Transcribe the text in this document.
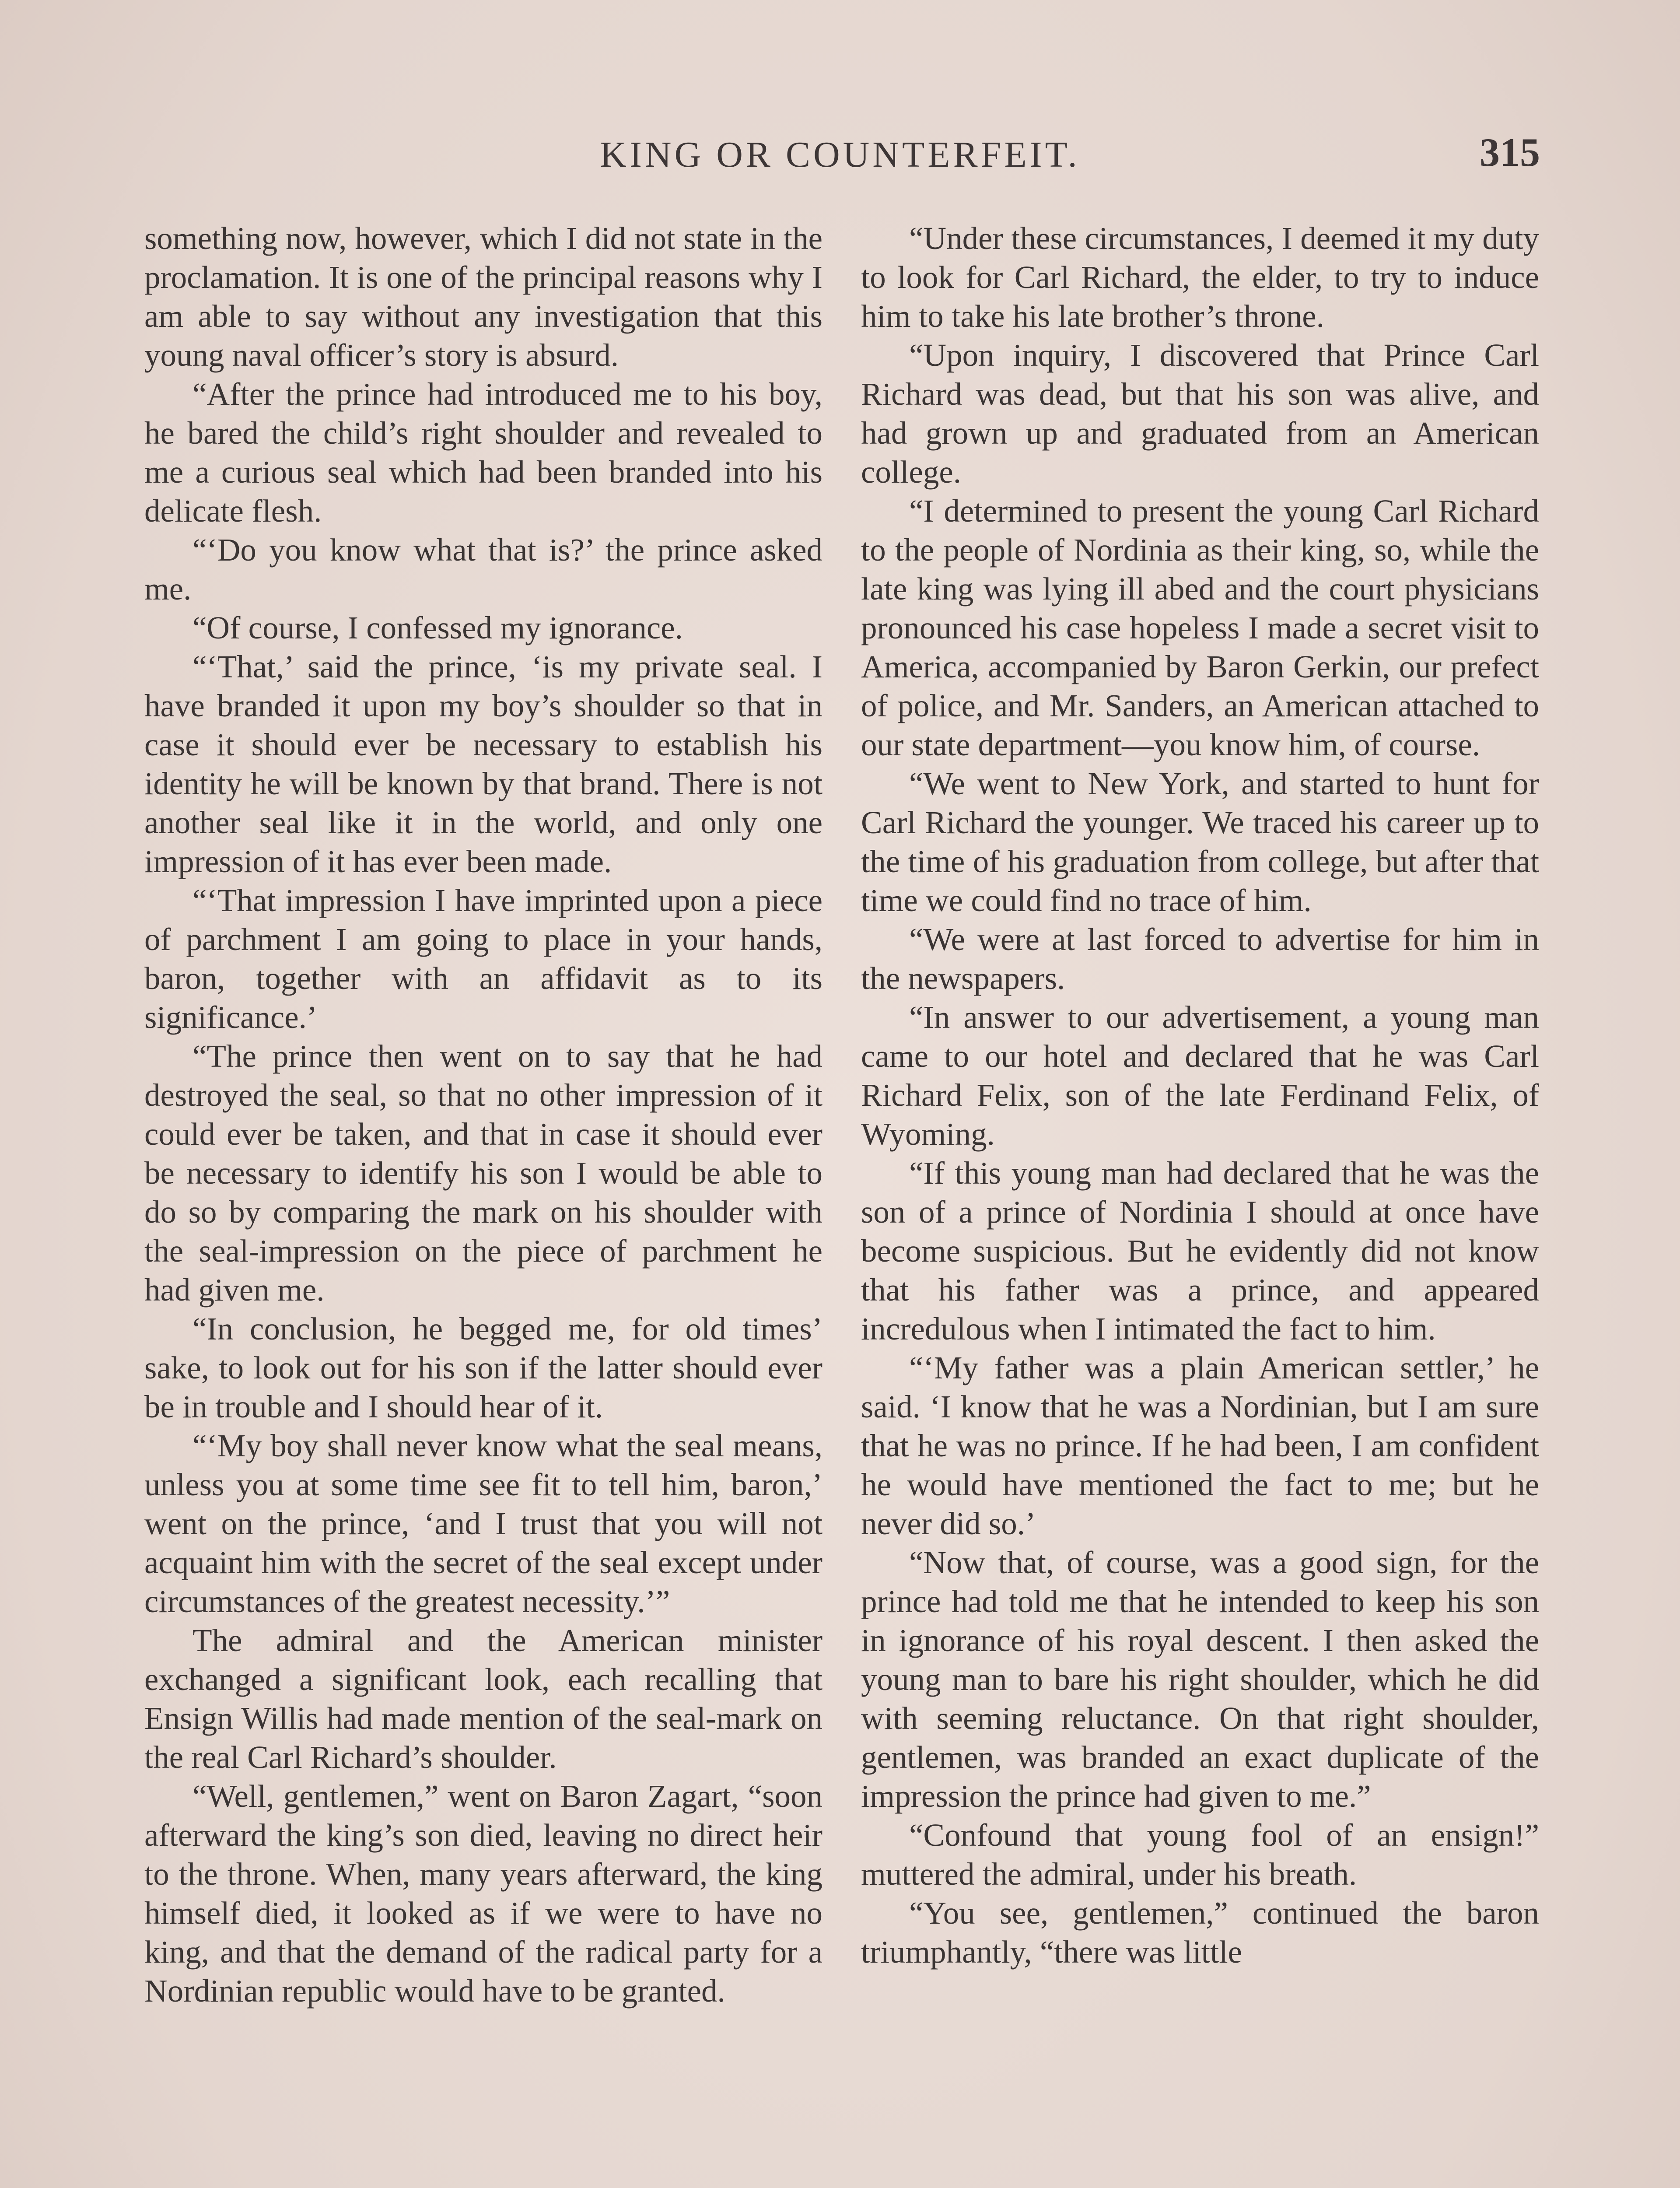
KING OR COUNTERFEIT.	315

something now, however, which I did not state in the proclamation. It is one of the principal reasons why I am able to say without any investigation that this young naval officer’s story is absurd.

“After the prince had introduced me to his boy, he bared the child’s right shoulder and revealed to me a curious seal which had been branded into his delicate flesh.

“‘Do you know what that is?’ the prince asked me.

“Of course, I confessed my ignorance.

“‘That,’ said the prince, ‘is my private seal. I have branded it upon my boy’s shoulder so that in case it should ever be necessary to establish his identity he will be known by that brand. There is not another seal like it in the world, and only one impression of it has ever been made.

“‘That impression I have imprinted upon a piece of parchment I am going to place in your hands, baron, together with an affidavit as to its significance.’

“The prince then went on to say that he had destroyed the seal, so that no other impression of it could ever be taken, and that in case it should ever be necessary to identify his son I would be able to do so by comparing the mark on his shoulder with the seal-impression on the piece of parchment he had given me.

“In conclusion, he begged me, for old times’ sake, to look out for his son if the latter should ever be in trouble and I should hear of it.

“‘My boy shall never know what the seal means, unless you at some time see fit to tell him, baron,’ went on the prince, ‘and I trust that you will not acquaint him with the secret of the seal except under circumstances of the greatest necessity.’”

The admiral and the American minister exchanged a significant look, each recalling that Ensign Willis had made mention of the seal-mark on the real Carl Richard’s shoulder.

“Well, gentlemen,” went on Baron Zagart, “soon afterward the king’s son died, leaving no direct heir to the throne. When, many years afterward, the king himself died, it looked as if we were to have no king, and that the demand of the radical party for a Nordinian republic would have to be granted.

“Under these circumstances, I deemed it my duty to look for Carl Richard, the elder, to try to induce him to take his late brother’s throne.

“Upon inquiry, I discovered that Prince Carl Richard was dead, but that his son was alive, and had grown up and graduated from an American college.

“I determined to present the young Carl Richard to the people of Nordinia as their king, so, while the late king was lying ill abed and the court physicians pronounced his case hopeless I made a secret visit to America, accompanied by Baron Gerkin, our prefect of police, and Mr. Sanders, an American attached to our state department—you know him, of course.

“We went to New York, and started to hunt for Carl Richard the younger. We traced his career up to the time of his graduation from college, but after that time we could find no trace of him.

“We were at last forced to advertise for him in the newspapers.

“In answer to our advertisement, a young man came to our hotel and declared that he was Carl Richard Felix, son of the late Ferdinand Felix, of Wyoming.

“If this young man had declared that he was the son of a prince of Nordinia I should at once have become suspicious. But he evidently did not know that his father was a prince, and appeared incredulous when I intimated the fact to him.

“‘My father was a plain American settler,’ he said. ‘I know that he was a Nordinian, but I am sure that he was no prince. If he had been, I am confident he would have mentioned the fact to me; but he never did so.’

“Now that, of course, was a good sign, for the prince had told me that he intended to keep his son in ignorance of his royal descent. I then asked the young man to bare his right shoulder, which he did with seeming reluctance. On that right shoulder, gentlemen, was branded an exact duplicate of the impression the prince had given to me.”

“Confound that young fool of an ensign!” muttered the admiral, under his breath.

“You see, gentlemen,” continued the baron triumphantly, “there was little
